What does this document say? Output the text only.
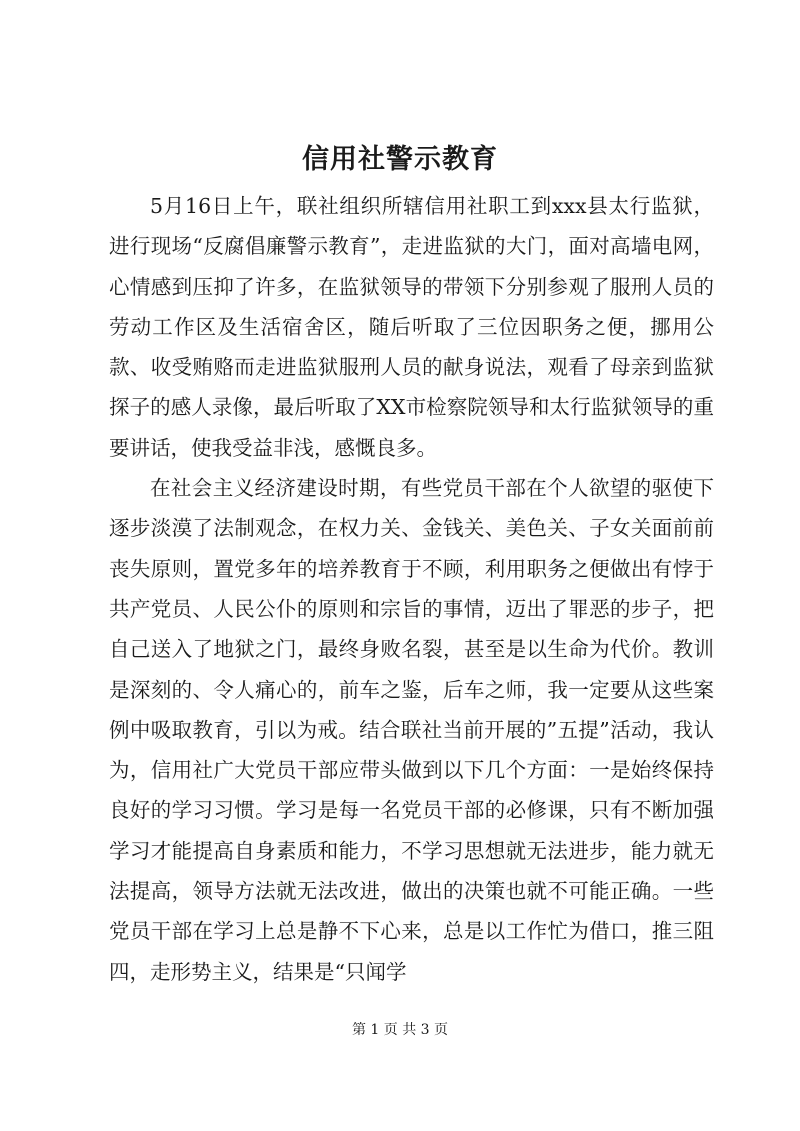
信用社警示教育

5月16日上午，联社组织所辖信用社职工到xxx县太行监狱，进行现场“反腐倡廉警示教育”，走进监狱的大门，面对高墙电网，心情感到压抑了许多，在监狱领导的带领下分别参观了服刑人员的劳动工作区及生活宿舍区，随后听取了三位因职务之便，挪用公款、收受贿赂而走进监狱服刑人员的献身说法，观看了母亲到监狱探子的感人录像，最后听取了XX市检察院领导和太行监狱领导的重要讲话，使我受益非浅，感慨良多。

在社会主义经济建设时期，有些党员干部在个人欲望的驱使下逐步淡漠了法制观念，在权力关、金钱关、美色关、子女关面前前丧失原则，置党多年的培养教育于不顾，利用职务之便做出有悖于共产党员、人民公仆的原则和宗旨的事情，迈出了罪恶的步子，把自己送入了地狱之门，最终身败名裂，甚至是以生命为代价。教训是深刻的、令人痛心的，前车之鉴，后车之师，我一定要从这些案例中吸取教育，引以为戒。结合联社当前开展的”五提”活动，我认为，信用社广大党员干部应带头做到以下几个方面：一是始终保持良好的学习习惯。学习是每一名党员干部的必修课，只有不断加强学习才能提高自身素质和能力，不学习思想就无法进步，能力就无法提高，领导方法就无法改进，做出的决策也就不可能正确。一些党员干部在学习上总是静不下心来，总是以工作忙为借口，推三阻四，走形势主义，结果是“只闻学

第 1 页 共 3 页
